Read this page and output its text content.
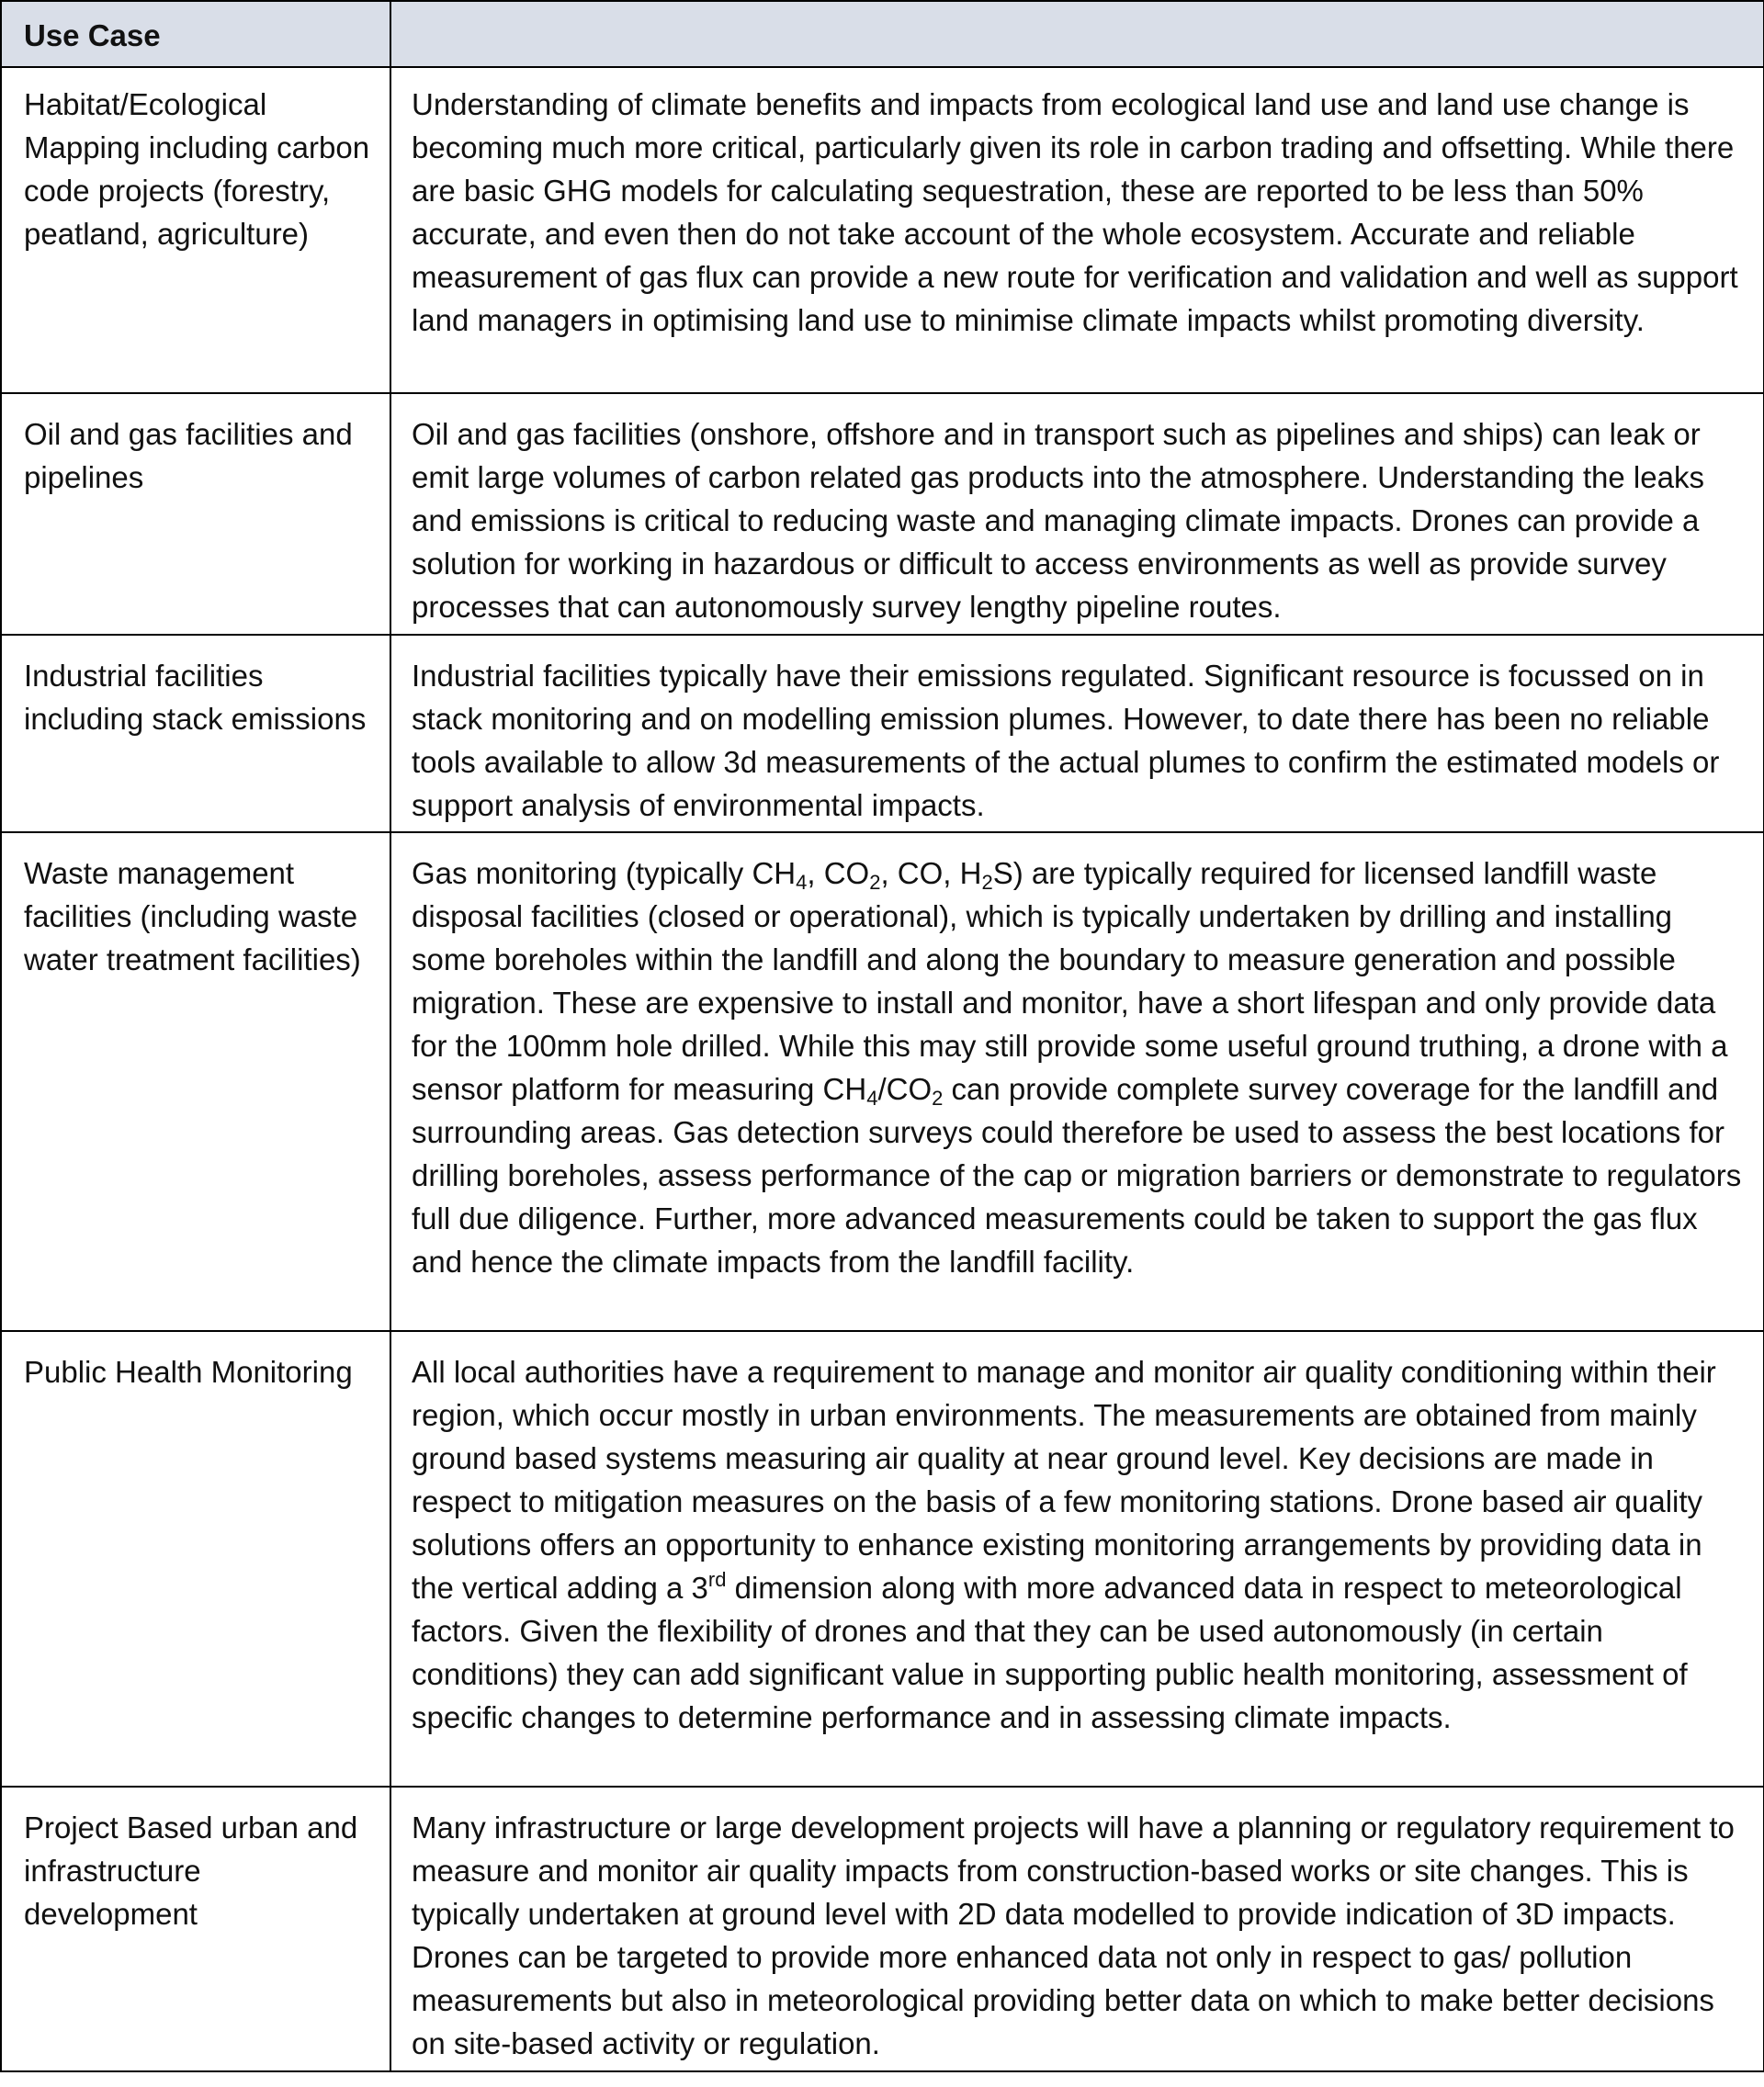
Use Case	
Habitat/Ecological Mapping including carbon code projects (forestry, peatland, agriculture)	Understanding of climate benefits and impacts from ecological land use and land use change is becoming much more critical, particularly given its role in carbon trading and offsetting. While there are basic GHG models for calculating sequestration, these are reported to be less than 50% accurate, and even then do not take account of the whole ecosystem. Accurate and reliable measurement of gas flux can provide a new route for verification and validation and well as support land managers in optimising land use to minimise climate impacts whilst promoting diversity.
Oil and gas facilities and pipelines	Oil and gas facilities (onshore, offshore and in transport such as pipelines and ships) can leak or emit large volumes of carbon related gas products into the atmosphere. Understanding the leaks and emissions is critical to reducing waste and managing climate impacts. Drones can provide a solution for working in hazardous or difficult to access environments as well as provide survey processes that can autonomously survey lengthy pipeline routes.
Industrial facilities including stack emissions	Industrial facilities typically have their emissions regulated. Significant resource is focussed on in stack monitoring and on modelling emission plumes. However, to date there has been no reliable tools available to allow 3d measurements of the actual plumes to confirm the estimated models or support analysis of environmental impacts.
Waste management facilities (including waste water treatment facilities)	Gas monitoring (typically $CH_4$, $CO_2$, CO, $H_2S$) are typically required for licensed landfill waste disposal facilities (closed or operational), which is typically undertaken by drilling and installing some boreholes within the landfill and along the boundary to measure generation and possible migration. These are expensive to install and monitor, have a short lifespan and only provide data for the 100mm hole drilled. While this may still provide some useful ground truthing, a drone with a sensor platform for measuring $CH_4/CO_2$ can provide complete survey coverage for the landfill and surrounding areas. Gas detection surveys could therefore be used to assess the best locations for drilling boreholes, assess performance of the cap or migration barriers or demonstrate to regulators full due diligence. Further, more advanced measurements could be taken to support the gas flux and hence the climate impacts from the landfill facility.
Public Health Monitoring	All local authorities have a requirement to manage and monitor air quality conditioning within their region, which occur mostly in urban environments. The measurements are obtained from mainly ground based systems measuring air quality at near ground level. Key decisions are made in respect to mitigation measures on the basis of a few monitoring stations. Drone based air quality solutions offers an opportunity to enhance existing monitoring arrangements by providing data in the vertical adding a 3rd dimension along with more advanced data in respect to meteorological factors. Given the flexibility of drones and that they can be used autonomously (in certain conditions) they can add significant value in supporting public health monitoring, assessment of specific changes to determine performance and in assessing climate impacts.
Project Based urban and infrastructure development	Many infrastructure or large development projects will have a planning or regulatory requirement to measure and monitor air quality impacts from construction-based works or site changes. This is typically undertaken at ground level with 2D data modelled to provide indication of 3D impacts. Drones can be targeted to provide more enhanced data not only in respect to gas/ pollution measurements but also in meteorological providing better data on which to make better decisions on site-based activity or regulation.
